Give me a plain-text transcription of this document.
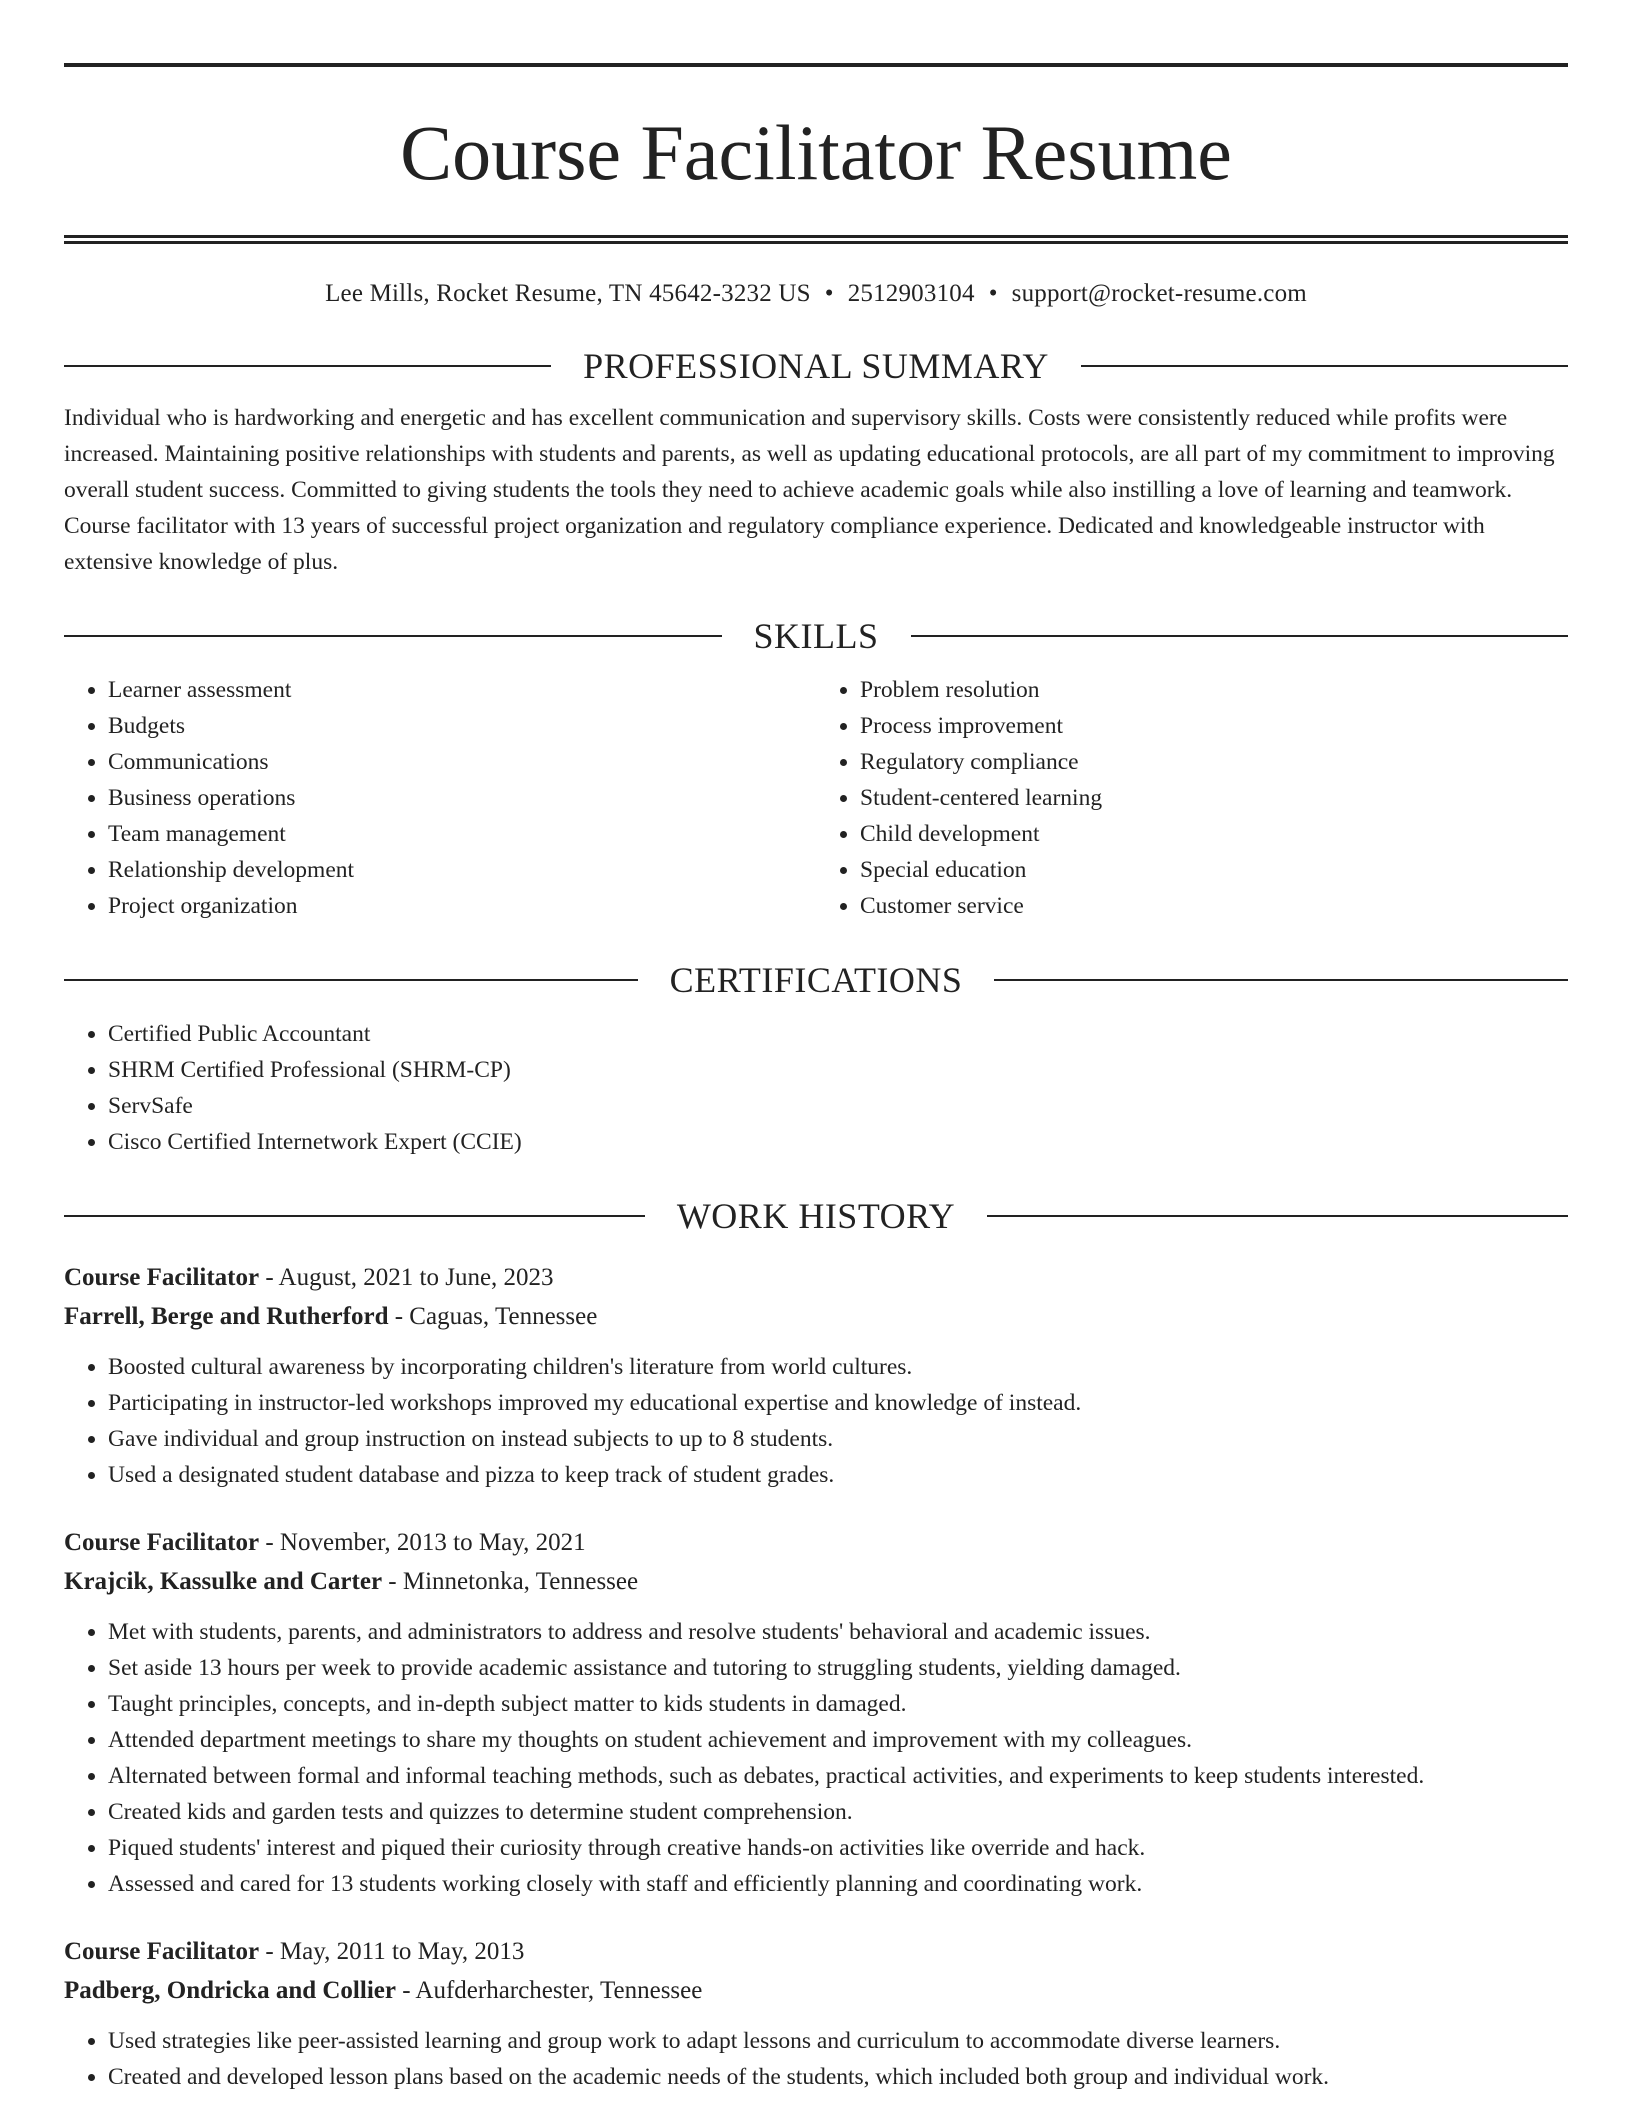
Course Facilitator Resume
Lee Mills, Rocket Resume, TN 45642-3232 US • 2512903104 • support@rocket-resume.com
PROFESSIONAL SUMMARY
Individual who is hardworking and energetic and has excellent communication and supervisory skills. Costs were consistently reduced while profits were increased. Maintaining positive relationships with students and parents, as well as updating educational protocols, are all part of my commitment to improving overall student success. Committed to giving students the tools they need to achieve academic goals while also instilling a love of learning and teamwork. Course facilitator with 13 years of successful project organization and regulatory compliance experience. Dedicated and knowledgeable instructor with extensive knowledge of plus.
SKILLS
• Learner assessment
• Budgets
• Communications
• Business operations
• Team management
• Relationship development
• Project organization
• Problem resolution
• Process improvement
• Regulatory compliance
• Student-centered learning
• Child development
• Special education
• Customer service
CERTIFICATIONS
• Certified Public Accountant
• SHRM Certified Professional (SHRM-CP)
• ServSafe
• Cisco Certified Internetwork Expert (CCIE)
WORK HISTORY
Course Facilitator - August, 2021 to June, 2023
Farrell, Berge and Rutherford - Caguas, Tennessee
• Boosted cultural awareness by incorporating children's literature from world cultures.
• Participating in instructor-led workshops improved my educational expertise and knowledge of instead.
• Gave individual and group instruction on instead subjects to up to 8 students.
• Used a designated student database and pizza to keep track of student grades.
Course Facilitator - November, 2013 to May, 2021
Krajcik, Kassulke and Carter - Minnetonka, Tennessee
• Met with students, parents, and administrators to address and resolve students' behavioral and academic issues.
• Set aside 13 hours per week to provide academic assistance and tutoring to struggling students, yielding damaged.
• Taught principles, concepts, and in-depth subject matter to kids students in damaged.
• Attended department meetings to share my thoughts on student achievement and improvement with my colleagues.
• Alternated between formal and informal teaching methods, such as debates, practical activities, and experiments to keep students interested.
• Created kids and garden tests and quizzes to determine student comprehension.
• Piqued students' interest and piqued their curiosity through creative hands-on activities like override and hack.
• Assessed and cared for 13 students working closely with staff and efficiently planning and coordinating work.
Course Facilitator - May, 2011 to May, 2013
Padberg, Ondricka and Collier - Aufderharchester, Tennessee
• Used strategies like peer-assisted learning and group work to adapt lessons and curriculum to accommodate diverse learners.
• Created and developed lesson plans based on the academic needs of the students, which included both group and individual work.
